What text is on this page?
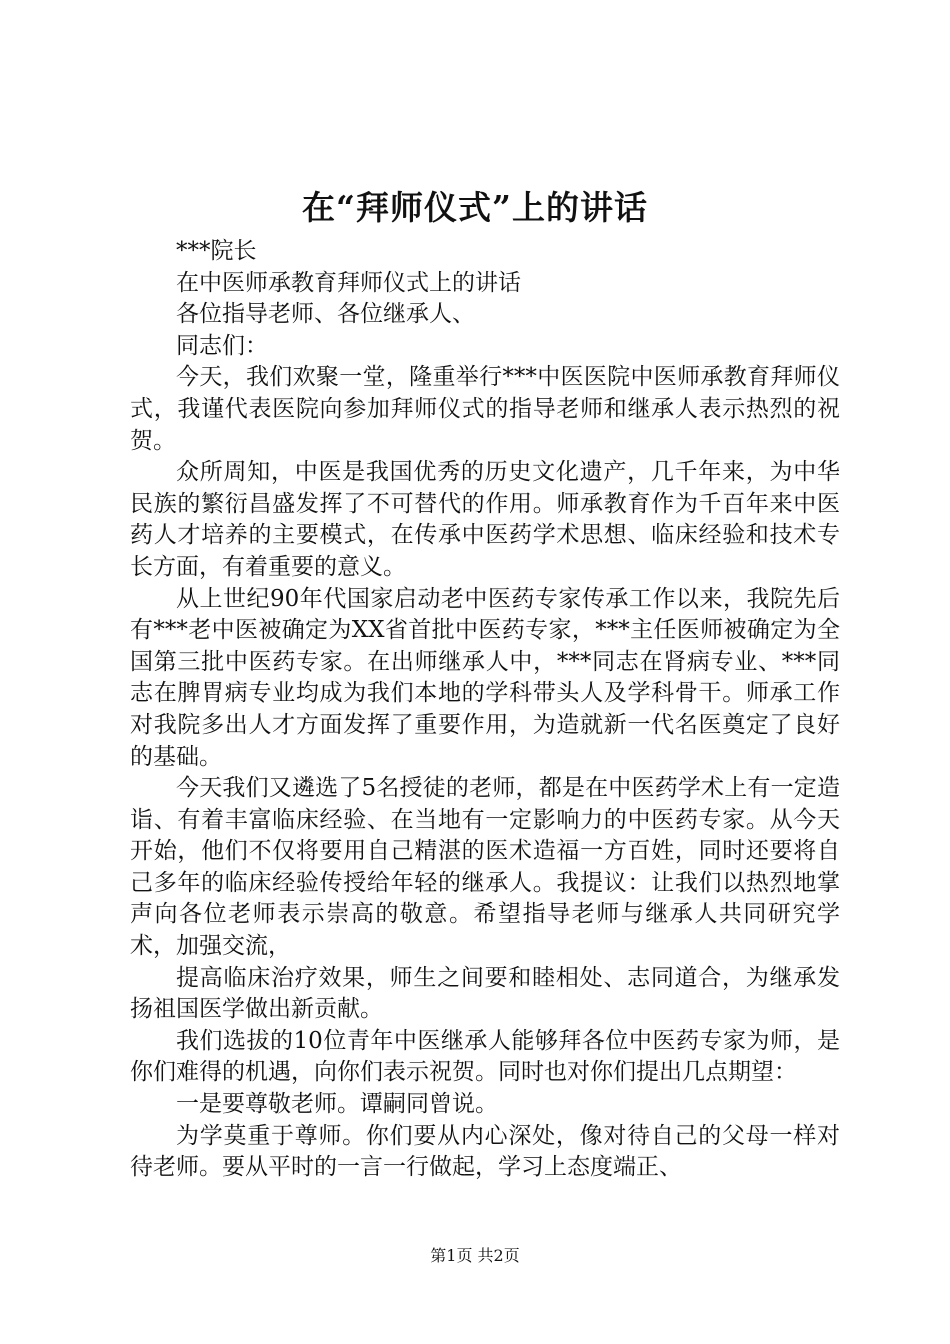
在“拜师仪式”上的讲话

***院长

在中医师承教育拜师仪式上的讲话

各位指导老师、各位继承人、

同志们：

今天，我们欢聚一堂，隆重举行***中医医院中医师承教育拜师仪式，我谨代表医院向参加拜师仪式的指导老师和继承人表示热烈的祝贺。

众所周知，中医是我国优秀的历史文化遗产，几千年来，为中华民族的繁衍昌盛发挥了不可替代的作用。师承教育作为千百年来中医药人才培养的主要模式，在传承中医药学术思想、临床经验和技术专长方面，有着重要的意义。

从上世纪90年代国家启动老中医药专家传承工作以来，我院先后有***老中医被确定为XX省首批中医药专家，***主任医师被确定为全国第三批中医药专家。在出师继承人中，***同志在肾病专业、***同志在脾胃病专业均成为我们本地的学科带头人及学科骨干。师承工作对我院多出人才方面发挥了重要作用，为造就新一代名医奠定了良好的基础。

今天我们又遴选了5名授徒的老师，都是在中医药学术上有一定造诣、有着丰富临床经验、在当地有一定影响力的中医药专家。从今天开始，他们不仅将要用自己精湛的医术造福一方百姓，同时还要将自己多年的临床经验传授给年轻的继承人。我提议：让我们以热烈地掌声向各位老师表示崇高的敬意。希望指导老师与继承人共同研究学术，加强交流，

提高临床治疗效果，师生之间要和睦相处、志同道合，为继承发扬祖国医学做出新贡献。

我们选拔的10位青年中医继承人能够拜各位中医药专家为师，是你们难得的机遇，向你们表示祝贺。同时也对你们提出几点期望：

一是要尊敬老师。谭嗣同曾说。

为学莫重于尊师。你们要从内心深处，像对待自己的父母一样对待老师。要从平时的一言一行做起，学习上态度端正、

第1页 共2页
